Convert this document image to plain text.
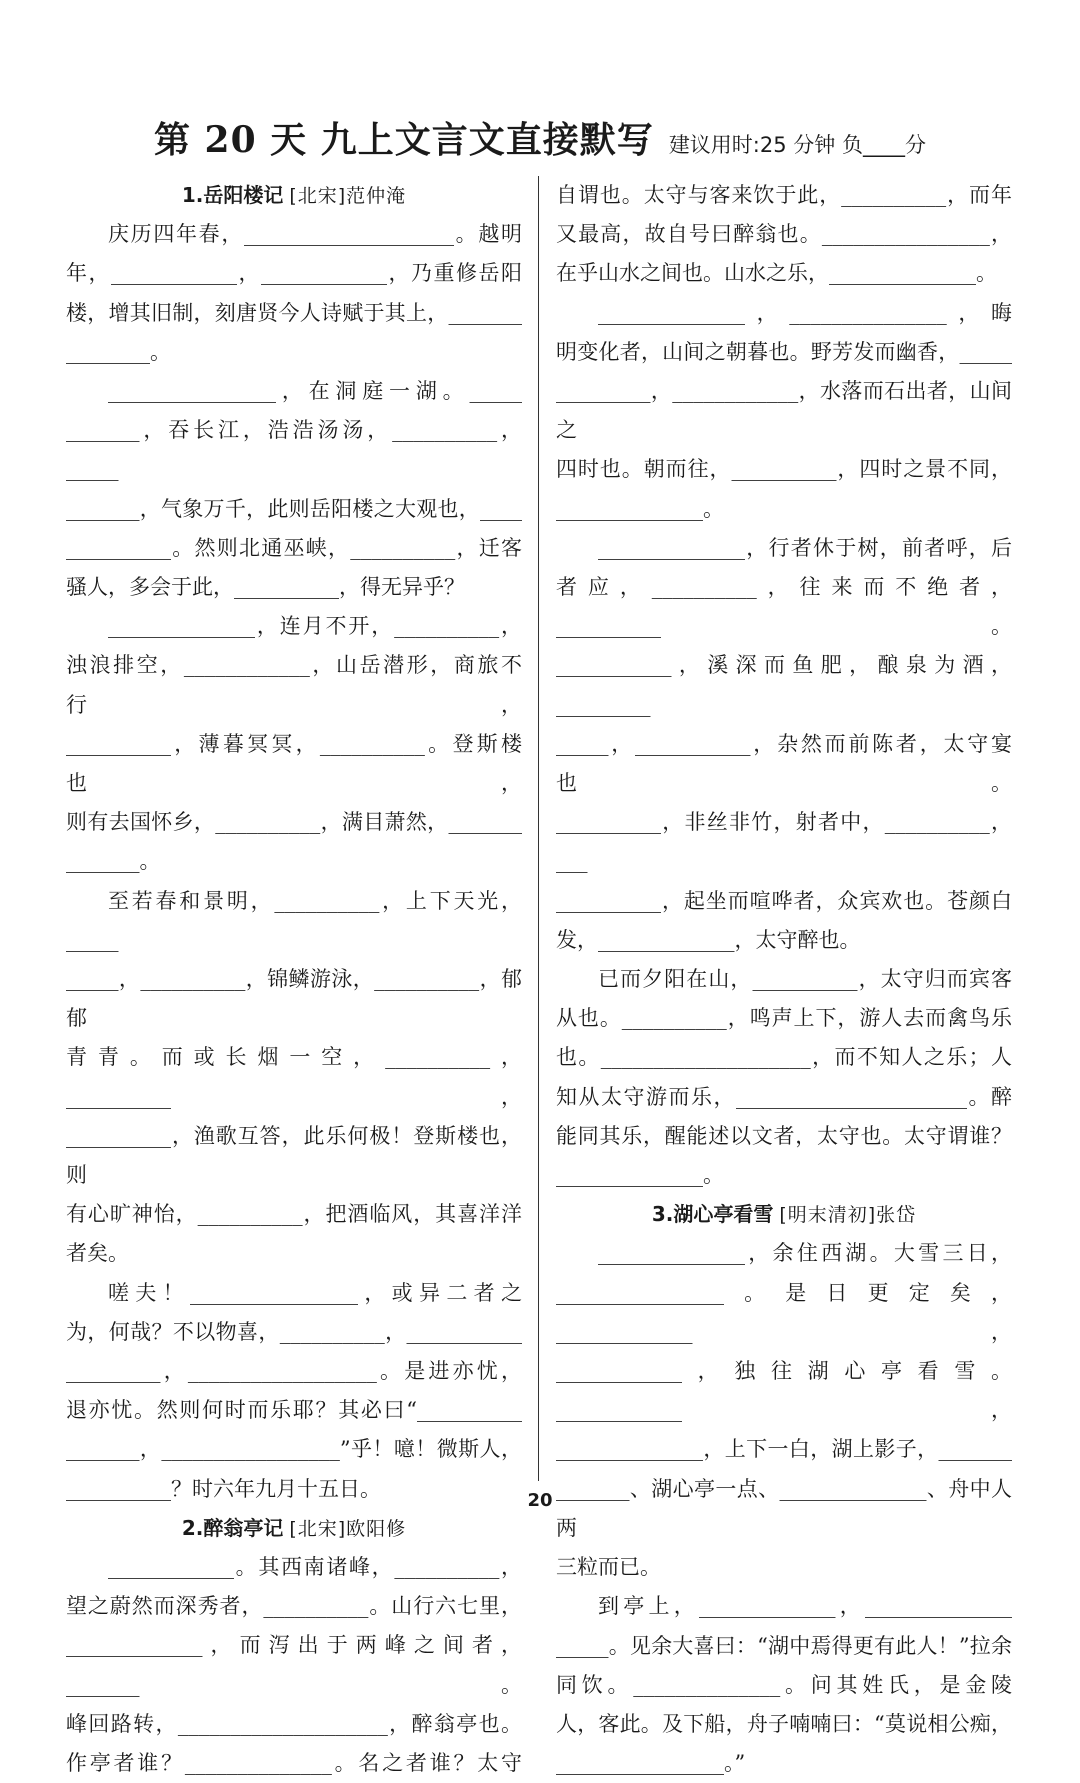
第 20 天 九上文言文直接默写 建议用时:25 分钟 负____分
1.岳阳楼记 [北宋]范仲淹

庆历四年春，____________________。越明

年，____________，____________，乃重修岳阳

楼，增其旧制，刻唐贤今人诗赋于其上，_______

________。

________________，在洞庭一湖。_____

_______，吞长江，浩浩汤汤，__________，_____

_______，气象万千，此则岳阳楼之大观也，____

__________。然则北通巫峡，__________，迁客

骚人，多会于此，__________，得无异乎？

______________，连月不开，__________，

浊浪排空，____________，山岳潜形，商旅不行，

__________，薄暮冥冥，__________。登斯楼也，

则有去国怀乡，__________，满目萧然，_______

_______。

至若春和景明，__________，上下天光，_____

_____，__________，锦鳞游泳，__________，郁郁

青青。而或长烟一空，__________，__________，

__________，渔歌互答，此乐何极！登斯楼也，则

有心旷神怡，__________，把酒临风，其喜洋洋

者矣。

嗟夫！________________，或异二者之

为，何哉？不以物喜，__________，___________

_________，__________________。是进亦忧，

退亦忧。然则何时而乐耶？其必曰“__________

_______，_________________”乎！噫！微斯人，

__________？时六年九月十五日。

2.醉翁亭记 [北宋]欧阳修

____________。其西南诸峰，__________，

望之蔚然而深秀者，__________。山行六七里，

_____________，而泻出于两峰之间者，_______。

峰回路转，____________________，醉翁亭也。

作亭者谁？______________。名之者谁？太守

自谓也。太守与客来饮于此，__________，而年

又最高，故自号曰醉翁也。________________，

在乎山水之间也。山水之乐，______________。

______________，_______________，晦

明变化者，山间之朝暮也。野芳发而幽香，_____

_________，____________，水落而石出者，山间之

四时也。朝而往，__________，四时之景不同，

______________。

______________，行者休于树，前者呼，后

者应，__________，往来而不绝者，__________。

___________，溪深而鱼肥，酿泉为酒，_________

_____，___________，杂然而前陈者，太守宴也。

__________，非丝非竹，射者中，__________，___

__________，起坐而喧哗者，众宾欢也。苍颜白

发，_____________，太守醉也。

已而夕阳在山，__________，太守归而宾客

从也。__________，鸣声上下，游人去而禽鸟乐

也。____________________，而不知人之乐；人

知从太守游而乐，______________________。醉

能同其乐，醒能述以文者，太守也。太守谓谁？

______________。

3.湖心亭看雪 [明末清初]张岱

______________，余住西湖。大雪三日，

________________。是日更定矣，_____________，

____________，独往湖心亭看雪。____________，

______________，上下一白，湖上影子，_______

_______、湖心亭一点、______________、舟中人两

三粒而已。

到亭上，_____________，______________

_____。见余大喜曰：“湖中焉得更有此人！”拉余

同饮。______________。问其姓氏，是金陵

人，客此。及下船，舟子喃喃曰：“莫说相公痴，

________________。”

20
